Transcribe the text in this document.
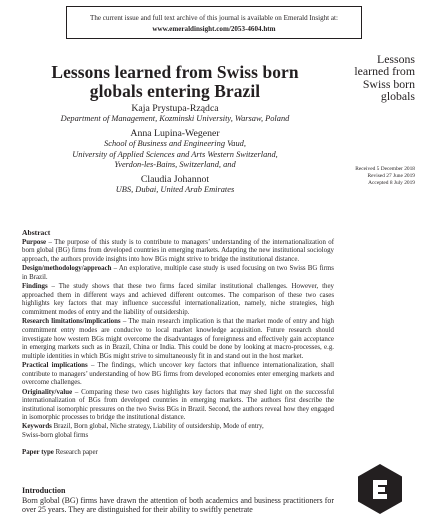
The current issue and full text archive of this journal is available on Emerald Insight at:
www.emeraldinsight.com/2053-4604.htm
Lessons
learned from
Swiss born
globals
Received 5 December 2018
Revised 27 June 2019
Accepted 8 July 2019
Lessons learned from Swiss born
globals entering Brazil
Kaja Prystupa-Rządca
Department of Management, Kozminski University, Warsaw, Poland
Anna Lupina-Wegener
School of Business and Engineering Vaud,
University of Applied Sciences and Arts Western Switzerland,
Yverdon-les-Bains, Switzerland, and
Claudia Johannot
UBS, Dubai, United Arab Emirates
Abstract
Purpose – The purpose of this study is to contribute to managers’ understanding of the internationalization of born global (BG) firms from developed countries in emerging markets. Adapting the new institutional sociology approach, the authors provide insights into how BGs might strive to bridge the institutional distance.
Design/methodology/approach – An explorative, multiple case study is used focusing on two Swiss BG firms in Brazil.
Findings – The study shows that these two firms faced similar institutional challenges. However, they approached them in different ways and achieved different outcomes. The comparison of these two cases highlights key factors that may influence successful internationalization, namely, niche strategies, high commitment modes of entry and the liability of outsidership.
Research limitations/implications – The main research implication is that the market mode of entry and high commitment entry modes are conducive to local market knowledge acquisition. Future research should investigate how western BGs might overcome the disadvantages of foreignness and effectively gain acceptance in emerging markets such as in Brazil, China or India. This could be done by looking at macro-processes, e.g. multiple identities in which BGs might strive to simultaneously fit in and stand out in the host market.
Practical implications – The findings, which uncover key factors that influence internationalization, shall contribute to managers’ understanding of how BG firms from developed economies enter emerging markets and overcome challenges.
Originality/value – Comparing these two cases highlights key factors that may shed light on the successful internationalization of BGs from developed countries in emerging markets. The authors first describe the institutional isomorphic pressures on the two Swiss BGs in Brazil. Second, the authors reveal how they engaged in isomorphic processes to bridge the institutional distance.
Keywords Brazil, Born global, Niche strategy, Liability of outsidership, Mode of entry, Swiss-born global firms
Paper type Research paper
Introduction
Born global (BG) firms have drawn the attention of both academics and business practitioners for over 25 years. They are distinguished for their ability to swiftly penetrate
